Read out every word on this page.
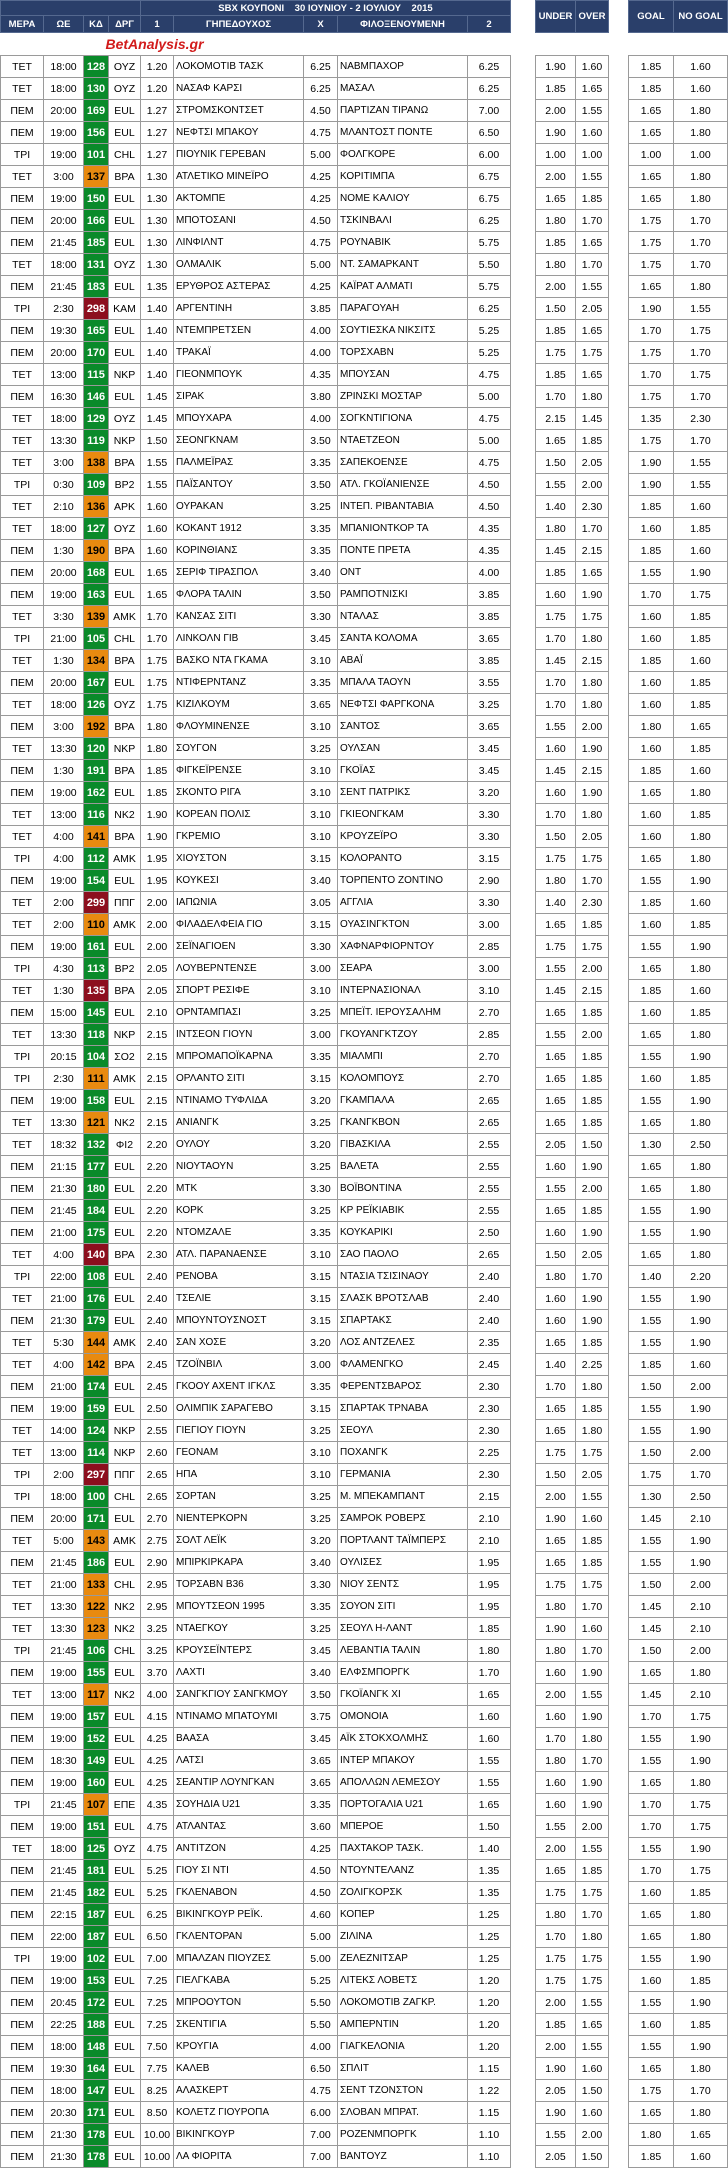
				SBX ΚΟΥΠΟΝΙ 30 ΙΟΥΝΙΟΥ - 2 ΙΟΥΛΙΟΥ 2015						UNDER	OVER		GOAL	NO GOAL
ΜΕΡΑ	ΩΕ	ΚΔ	ΔΡΓ	1	ΓΗΠΕΔΟΥΧΟΣ	X	ΦΙΛΟΞΕΝΟΥΜΕΝΗ	2						
BetAnalysis.gr														
ΤΕΤ	18:00	128	ΟΥΖ	1.20	ΛΟΚΟΜΟΤΙΒ ΤΑΣΚ	6.25	ΝΑΒΜΠΑΧΟΡ	6.25		1.90	1.60		1.85	1.60
ΤΕΤ	18:00	130	ΟΥΖ	1.20	ΝΑΣΑΦ ΚΑΡΣΙ	6.25	ΜΑΣΑΛ	6.25		1.85	1.65		1.85	1.60
ΠΕΜ	20:00	169	EUL	1.27	ΣΤΡΟΜΣΚΟΝΤΣΕΤ	4.50	ΠΑΡΤΙΖΑΝ ΤΙΡΑΝΩ	7.00		2.00	1.55		1.65	1.80
ΠΕΜ	19:00	156	EUL	1.27	ΝΕΦΤΣΙ ΜΠΑΚΟΥ	4.75	ΜΛΑΝΤΟΣΤ ΠΟΝΤΕ	6.50		1.90	1.60		1.65	1.80
ΤΡΙ	19:00	101	CHL	1.27	ΠΙΟΥΝΙΚ ΓΕΡΕΒΑΝ	5.00	ΦΟΛΓΚΟΡΕ	6.00		1.00	1.00		1.00	1.00
ΤΕΤ	3:00	137	ΒΡΑ	1.30	ΑΤΛΕΤΙΚΟ ΜΙΝΕΪΡΟ	4.25	ΚΟΡΙΤΙΜΠΑ	6.75		2.00	1.55		1.65	1.80
ΠΕΜ	19:00	150	EUL	1.30	ΑΚΤΟΜΠΕ	4.25	ΝΟΜΕ ΚΑΛΙΟΥ	6.75		1.65	1.85		1.65	1.80
ΠΕΜ	20:00	166	EUL	1.30	ΜΠΟΤΟΣΑΝΙ	4.50	ΤΣΚΙΝΒΑΛΙ	6.25		1.80	1.70		1.75	1.70
ΠΕΜ	21:45	185	EUL	1.30	ΛΙΝΦΙΛΝΤ	4.75	ΡΟΥΝΑΒΙΚ	5.75		1.85	1.65		1.75	1.70
ΤΕΤ	18:00	131	ΟΥΖ	1.30	ΟΛΜΑΛΙΚ	5.00	ΝΤ. ΣΑΜΑΡΚΑΝΤ	5.50		1.80	1.70		1.75	1.70
ΠΕΜ	21:45	183	EUL	1.35	ΕΡΥΘΡΟΣ ΑΣΤΕΡΑΣ	4.25	ΚΑΪΡΑΤ ΑΛΜΑΤΙ	5.75		2.00	1.55		1.65	1.80
ΤΡΙ	2:30	298	ΚΑΜ	1.40	ΑΡΓΕΝΤΙΝΗ	3.85	ΠΑΡΑΓΟΥΑΗ	6.25		1.50	2.05		1.90	1.55
ΠΕΜ	19:30	165	EUL	1.40	ΝΤΕΜΠΡΕΤΣΕΝ	4.00	ΣΟΥΤΙΕΣΚΑ ΝΙΚΣΙΤΣ	5.25		1.85	1.65		1.70	1.75
ΠΕΜ	20:00	170	EUL	1.40	ΤΡΑΚΑΪ	4.00	ΤΟΡΣΧΑΒΝ	5.25		1.75	1.75		1.75	1.70
ΤΕΤ	13:00	115	NKP	1.40	ΓΙΕΟΝΜΠΟΥΚ	4.35	ΜΠΟΥΣΑΝ	4.75		1.85	1.65		1.70	1.75
ΠΕΜ	16:30	146	EUL	1.45	ΣΙΡΑΚ	3.80	ΖΡΙΝΣΚΙ ΜΟΣΤΑΡ	5.00		1.70	1.80		1.75	1.70
ΤΕΤ	18:00	129	ΟΥΖ	1.45	ΜΠΟΥΧΑΡΑ	4.00	ΣΟΓΚΝΤΙΓΙΟΝΑ	4.75		2.15	1.45		1.35	2.30
ΤΕΤ	13:30	119	NKP	1.50	ΣΕΟΝΓΚΝΑΜ	3.50	ΝΤΑΕΤΖΕΟΝ	5.00		1.65	1.85		1.75	1.70
ΤΕΤ	3:00	138	ΒΡΑ	1.55	ΠΑΛΜΕΪΡΑΣ	3.35	ΣΑΠΕΚΟΕΝΣΕ	4.75		1.50	2.05		1.90	1.55
ΤΡΙ	0:30	109	ΒΡ2	1.55	ΠΑΪΣΑΝΤΟΥ	3.50	ΑΤΛ. ΓΚΟΪΑΝΙΕΝΣΕ	4.50		1.55	2.00		1.90	1.55
ΤΕΤ	2:10	136	ΑΡΚ	1.60	ΟΥΡΑΚΑΝ	3.25	ΙΝΤΕΠ. ΡΙΒΑΝΤΑΒΙΑ	4.50		1.40	2.30		1.85	1.60
ΤΕΤ	18:00	127	ΟΥΖ	1.60	ΚΟΚΑΝΤ 1912	3.35	ΜΠΑΝΙΟΝΤΚΟΡ ΤΑ	4.35		1.80	1.70		1.60	1.85
ΠΕΜ	1:30	190	ΒΡΑ	1.60	ΚΟΡΙΝΘΙΑΝΣ	3.35	ΠΟΝΤΕ ΠΡΕΤΑ	4.35		1.45	2.15		1.85	1.60
ΠΕΜ	20:00	168	EUL	1.65	ΣΕΡΙΦ ΤΙΡΑΣΠΟΛ	3.40	ΟΝΤ	4.00		1.85	1.65		1.55	1.90
ΠΕΜ	19:00	163	EUL	1.65	ΦΛΟΡΑ ΤΑΛΙΝ	3.50	ΡΑΜΠΟΤΝΙΣΚΙ	3.85		1.60	1.90		1.70	1.75
ΤΕΤ	3:30	139	ΑΜΚ	1.70	ΚΑΝΣΑΣ ΣΙΤΙ	3.30	ΝΤΑΛΑΣ	3.85		1.75	1.75		1.60	1.85
ΤΡΙ	21:00	105	CHL	1.70	ΛΙΝΚΟΛΝ ΓΙΒ	3.45	ΣΑΝΤΑ ΚΟΛΟΜΑ	3.65		1.70	1.80		1.60	1.85
ΤΕΤ	1:30	134	ΒΡΑ	1.75	ΒΑΣΚΟ ΝΤΑ ΓΚΑΜΑ	3.10	ΑΒΑΪ	3.85		1.45	2.15		1.85	1.60
ΠΕΜ	20:00	167	EUL	1.75	ΝΤΙΦΕΡΝΤΑΝΖ	3.35	ΜΠΑΛΑ ΤΑΟΥΝ	3.55		1.70	1.80		1.60	1.85
ΤΕΤ	18:00	126	ΟΥΖ	1.75	ΚΙΖΙΛΚΟΥΜ	3.65	ΝΕΦΤΣΙ ΦΑΡΓΚΟΝΑ	3.25		1.70	1.80		1.60	1.85
ΠΕΜ	3:00	192	ΒΡΑ	1.80	ΦΛΟΥΜΙΝΕΝΣΕ	3.10	ΣΑΝΤΟΣ	3.65		1.55	2.00		1.80	1.65
ΤΕΤ	13:30	120	NKP	1.80	ΣΟΥΓΟΝ	3.25	ΟΥΛΣΑΝ	3.45		1.60	1.90		1.60	1.85
ΠΕΜ	1:30	191	ΒΡΑ	1.85	ΦΙΓΚΕΪΡΕΝΣΕ	3.10	ΓΚΟΪΑΣ	3.45		1.45	2.15		1.85	1.60
ΠΕΜ	19:00	162	EUL	1.85	ΣΚΟΝΤΟ ΡΙΓΑ	3.10	ΣΕΝΤ ΠΑΤΡΙΚΣ	3.20		1.60	1.90		1.65	1.80
ΤΕΤ	13:00	116	ΝΚ2	1.90	ΚΟΡΕΑΝ ΠΟΛΙΣ	3.10	ΓΚΙΕΟΝΓΚΑΜ	3.30		1.70	1.80		1.60	1.85
ΤΕΤ	4:00	141	ΒΡΑ	1.90	ΓΚΡΕΜΙΟ	3.10	ΚΡΟΥΖΕΪΡΟ	3.30		1.50	2.05		1.60	1.80
ΤΡΙ	4:00	112	ΑΜΚ	1.95	ΧΙΟΥΣΤΟΝ	3.15	ΚΟΛΟΡΑΝΤΟ	3.15		1.75	1.75		1.65	1.80
ΠΕΜ	19:00	154	EUL	1.95	ΚΟΥΚΕΣΙ	3.40	ΤΟΡΠΕΝΤΟ ΖΟΝΤΙΝΟ	2.90		1.80	1.70		1.55	1.90
ΤΕΤ	2:00	299	ΠΠΓ	2.00	ΙΑΠΩΝΙΑ	3.05	ΑΓΓΛΙΑ	3.30		1.40	2.30		1.85	1.60
ΤΕΤ	2:00	110	ΑΜΚ	2.00	ΦΙΛΑΔΕΛΦΕΙΑ ΓΙΟ	3.15	ΟΥΑΣΙΝΓΚΤΟΝ	3.00		1.65	1.85		1.60	1.85
ΠΕΜ	19:00	161	EUL	2.00	ΣΕΪΝΑΓΙΟΕΝ	3.30	ΧΑΦΝΑΡΦΙΟΡΝΤΟΥ	2.85		1.75	1.75		1.55	1.90
ΤΡΙ	4:30	113	ΒΡ2	2.05	ΛΟΥΒΕΡΝΤΕΝΣΕ	3.00	ΣΕΑΡΑ	3.00		1.55	2.00		1.65	1.80
ΤΕΤ	1:30	135	ΒΡΑ	2.05	ΣΠΟΡΤ ΡΕΣΙΦΕ	3.10	ΙΝΤΕΡΝΑΣΙΟΝΑΛ	3.10		1.45	2.15		1.85	1.60
ΠΕΜ	15:00	145	EUL	2.10	ΟΡΝΤΑΜΠΑΣΙ	3.25	ΜΠΕΪΤ. ΙΕΡΟΥΣΑΛΗΜ	2.70		1.65	1.85		1.60	1.85
ΤΕΤ	13:30	118	NKP	2.15	ΙΝΤΣΕΟΝ ΓΙΟΥΝ	3.00	ΓΚΟΥΑΝΓΚΤΖΟΥ	2.85		1.55	2.00		1.65	1.80
ΤΡΙ	20:15	104	ΣΟ2	2.15	ΜΠΡΟΜΑΠΟΪΚΑΡΝΑ	3.35	ΜΙΑΛΜΠΙ	2.70		1.65	1.85		1.55	1.90
ΤΡΙ	2:30	111	ΑΜΚ	2.15	ΟΡΛΑΝΤΟ ΣΙΤΙ	3.15	ΚΟΛΟΜΠΟΥΣ	2.70		1.65	1.85		1.60	1.85
ΠΕΜ	19:00	158	EUL	2.15	ΝΤΙΝΑΜΟ ΤΥΦΛΙΔΑ	3.20	ΓΚΑΜΠΑΛΑ	2.65		1.65	1.85		1.55	1.90
ΤΕΤ	13:30	121	ΝΚ2	2.15	ΑΝΙΑΝΓΚ	3.25	ΓΚΑΝΓΚΒΟΝ	2.65		1.65	1.85		1.65	1.80
ΤΕΤ	18:32	132	ΦΙ2	2.20	ΟΥΛΟΥ	3.20	ΓΙΒΑΣΚΙΛΑ	2.55		2.05	1.50		1.30	2.50
ΠΕΜ	21:15	177	EUL	2.20	ΝΙΟΥΤΑΟΥΝ	3.25	ΒΑΛΕΤΑ	2.55		1.60	1.90		1.65	1.80
ΠΕΜ	21:30	180	EUL	2.20	ΜΤΚ	3.30	ΒΟΪΒΟΝΤΙΝΑ	2.55		1.55	2.00		1.65	1.80
ΠΕΜ	21:45	184	EUL	2.20	ΚΟΡΚ	3.25	ΚΡ ΡΕΪΚΙΑΒΙΚ	2.55		1.65	1.85		1.55	1.90
ΠΕΜ	21:00	175	EUL	2.20	ΝΤΟΜΖΑΛΕ	3.35	ΚΟΥΚΑΡΙΚΙ	2.50		1.60	1.90		1.55	1.90
ΤΕΤ	4:00	140	ΒΡΑ	2.30	ΑΤΛ. ΠΑΡΑΝΑΕΝΣΕ	3.10	ΣΑΟ ΠΑΟΛΟ	2.65		1.50	2.05		1.65	1.80
ΤΡΙ	22:00	108	EUL	2.40	ΡΕΝΟΒΑ	3.15	ΝΤΑΣΙΑ ΤΣΙΣΙΝΑΟΥ	2.40		1.80	1.70		1.40	2.20
ΤΕΤ	21:00	176	EUL	2.40	ΤΣΕΛΙΕ	3.15	ΣΛΑΣΚ ΒΡΟΤΣΛΑΒ	2.40		1.60	1.90		1.55	1.90
ΠΕΜ	21:30	179	EUL	2.40	ΜΠΟΥΝΤΟΥΣΝΟΣΤ	3.15	ΣΠΑΡΤΑΚΣ	2.40		1.60	1.90		1.55	1.90
ΤΕΤ	5:30	144	ΑΜΚ	2.40	ΣΑΝ ΧΟΣΕ	3.20	ΛΟΣ ΑΝΤΖΕΛΕΣ	2.35		1.65	1.85		1.55	1.90
ΤΕΤ	4:00	142	ΒΡΑ	2.45	ΤΖΟΪΝΒΙΛ	3.00	ΦΛΑΜΕΝΓΚΟ	2.45		1.40	2.25		1.85	1.60
ΠΕΜ	21:00	174	EUL	2.45	ΓΚΟΟΥ ΑΧΕΝΤ ΙΓΚΛΣ	3.35	ΦΕΡΕΝΤΣΒΑΡΟΣ	2.30		1.70	1.80		1.50	2.00
ΠΕΜ	19:00	159	EUL	2.50	ΟΛΙΜΠΙΚ ΣΑΡΑΓΕΒΟ	3.15	ΣΠΑΡΤΑΚ ΤΡΝΑΒΑ	2.30		1.65	1.85		1.55	1.90
ΤΕΤ	14:00	124	NKP	2.55	ΓΙΕΓΙΟΥ ΓΙΟΥΝ	3.25	ΣΕΟΥΛ	2.30		1.65	1.80		1.55	1.90
ΤΕΤ	13:00	114	NKP	2.60	ΓΕΟΝΑΜ	3.10	ΠΟΧΑΝΓΚ	2.25		1.75	1.75		1.50	2.00
ΤΡΙ	2:00	297	ΠΠΓ	2.65	ΗΠΑ	3.10	ΓΕΡΜΑΝΙΑ	2.30		1.50	2.05		1.75	1.70
ΤΡΙ	18:00	100	CHL	2.65	ΣΟΡΤΑΝ	3.25	Μ. ΜΠΕΚΑΜΠΑΝΤ	2.15		2.00	1.55		1.30	2.50
ΠΕΜ	20:00	171	EUL	2.70	ΝΙΕΝΤΕΡΚΟΡΝ	3.25	ΣΑΜΡΟΚ ΡΟΒΕΡΣ	2.10		1.90	1.60		1.45	2.10
ΤΕΤ	5:00	143	ΑΜΚ	2.75	ΣΟΛΤ ΛΕΪΚ	3.20	ΠΟΡΤΛΑΝΤ ΤΑΪΜΠΕΡΣ	2.10		1.65	1.85		1.55	1.90
ΠΕΜ	21:45	186	EUL	2.90	ΜΠΙΡΚΙΡΚΑΡΑ	3.40	ΟΥΛΙΣΕΣ	1.95		1.65	1.85		1.55	1.90
ΤΕΤ	21:00	133	CHL	2.95	ΤΟΡΣΑΒΝ Β36	3.30	ΝΙΟΥ ΣΕΝΤΣ	1.95		1.75	1.75		1.50	2.00
ΤΕΤ	13:30	122	ΝΚ2	2.95	ΜΠΟΥΤΣΕΟΝ 1995	3.35	ΣΟΥΟΝ ΣΙΤΙ	1.95		1.80	1.70		1.45	2.10
ΤΕΤ	13:30	123	ΝΚ2	3.25	ΝΤΑΕΓΚΟΥ	3.25	ΣΕΟΥΛ Η-ΛΑΝΤ	1.85		1.90	1.60		1.45	2.10
ΤΡΙ	21:45	106	CHL	3.25	ΚΡΟΥΣΕΪΝΤΕΡΣ	3.45	ΛΕΒΑΝΤΙΑ ΤΑΛΙΝ	1.80		1.80	1.70		1.50	2.00
ΠΕΜ	19:00	155	EUL	3.70	ΛΑΧΤΙ	3.40	ΕΛΦΣΜΠΟΡΓΚ	1.70		1.60	1.90		1.65	1.80
ΤΕΤ	13:00	117	ΝΚ2	4.00	ΣΑΝΓΚΓΙΟΥ ΣΑΝΓΚΜΟΥ	3.50	ΓΚΟΪΑΝΓΚ ΧΙ	1.65		2.00	1.55		1.45	2.10
ΠΕΜ	19:00	157	EUL	4.15	ΝΤΙΝΑΜΟ ΜΠΑΤΟΥΜΙ	3.75	ΟΜΟΝΟΙΑ	1.60		1.60	1.90		1.70	1.75
ΠΕΜ	19:00	152	EUL	4.25	ΒΑΑΣΑ	3.45	ΑΪΚ ΣΤΟΚΧΟΛΜΗΣ	1.60		1.70	1.80		1.55	1.90
ΠΕΜ	18:30	149	EUL	4.25	ΛΑΤΣΙ	3.65	ΙΝΤΕΡ ΜΠΑΚΟΥ	1.55		1.80	1.70		1.55	1.90
ΠΕΜ	19:00	160	EUL	4.25	ΣΕΑΝΤΙΡ ΛΟΥΝΓΚΑΝ	3.65	ΑΠΟΛΛΩΝ ΛΕΜΕΣΟΥ	1.55		1.60	1.90		1.65	1.80
ΤΡΙ	21:45	107	ΕΠΕ	4.35	ΣΟΥΗΔΙΑ U21	3.35	ΠΟΡΤΟΓΑΛΙΑ U21	1.65		1.60	1.90		1.70	1.75
ΠΕΜ	19:00	151	EUL	4.75	ΑΤΛΑΝΤΑΣ	3.60	ΜΠΕΡΟΕ	1.50		1.55	2.00		1.70	1.75
ΤΕΤ	18:00	125	ΟΥΖ	4.75	ΑΝΤΙΤΖΟΝ	4.25	ΠΑΧΤΑΚΟΡ ΤΑΣΚ.	1.40		2.00	1.55		1.55	1.90
ΠΕΜ	21:45	181	EUL	5.25	ΓΙΟΥ ΣΙ ΝΤΙ	4.50	ΝΤΟΥΝΤΕΛΑΝΖ	1.35		1.65	1.85		1.70	1.75
ΠΕΜ	21:45	182	EUL	5.25	ΓΚΛΕΝΑΒΟΝ	4.50	ΖΟΛΙΓΚΟΡΣΚ	1.35		1.75	1.75		1.60	1.85
ΠΕΜ	22:15	187	EUL	6.25	ΒΙΚΙΝΓΚΟΥΡ ΡΕΪΚ.	4.60	ΚΟΠΕΡ	1.25		1.80	1.70		1.65	1.80
ΠΕΜ	22:00	187	EUL	6.50	ΓΚΛΕΝΤΟΡΑΝ	5.00	ΖΙΛΙΝΑ	1.25		1.70	1.80		1.65	1.80
ΤΡΙ	19:00	102	EUL	7.00	ΜΠΑΛΖΑΝ ΠΙΟΥΖΕΣ	5.00	ΖΕΛΕΖΝΙΤΣΑΡ	1.25		1.75	1.75		1.55	1.90
ΠΕΜ	19:00	153	EUL	7.25	ΓΙΕΛΓΚΑΒΑ	5.25	ΛΙΤΕΚΣ ΛΟΒΕΤΣ	1.20		1.75	1.75		1.60	1.85
ΠΕΜ	20:45	172	EUL	7.25	ΜΠΡΟΟΥΤΟΝ	5.50	ΛΟΚΟΜΟΤΙΒ ΖΑΓΚΡ.	1.20		2.00	1.55		1.55	1.90
ΠΕΜ	22:25	188	EUL	7.25	ΣΚΕΝΤΙΓΙΑ	5.50	ΑΜΠΕΡΝΤΙΝ	1.20		1.85	1.65		1.60	1.85
ΠΕΜ	18:00	148	EUL	7.50	ΚΡΟΥΓΙΑ	4.00	ΓΙΑΓΚΕΛΟΝΙΑ	1.20		2.00	1.55		1.55	1.90
ΠΕΜ	19:30	164	EUL	7.75	ΚΑΛΕΒ	6.50	ΣΠΛΙΤ	1.15		1.90	1.60		1.65	1.80
ΠΕΜ	18:00	147	EUL	8.25	ΑΛΑΣΚΕΡΤ	4.75	ΣΕΝΤ ΤΖΟΝΣΤΟΝ	1.22		2.05	1.50		1.75	1.70
ΠΕΜ	20:30	171	EUL	8.50	ΚΟΛΕΤΖ ΓΙΟΥΡΟΠΑ	6.00	ΣΛΟΒΑΝ ΜΠΡΑΤ.	1.15		1.90	1.60		1.65	1.80
ΠΕΜ	21:30	178	EUL	10.00	ΒΙΚΙΝΓΚΟΥΡ	7.00	ΡΟΖΕΝΜΠΟΡΓΚ	1.10		1.55	2.00		1.80	1.65
ΠΕΜ	21:30	178	EUL	10.00	ΛΑ ΦΙΟΡΙΤΑ	7.00	ΒΑΝΤΟΥΖ	1.10		2.05	1.50		1.85	1.60
